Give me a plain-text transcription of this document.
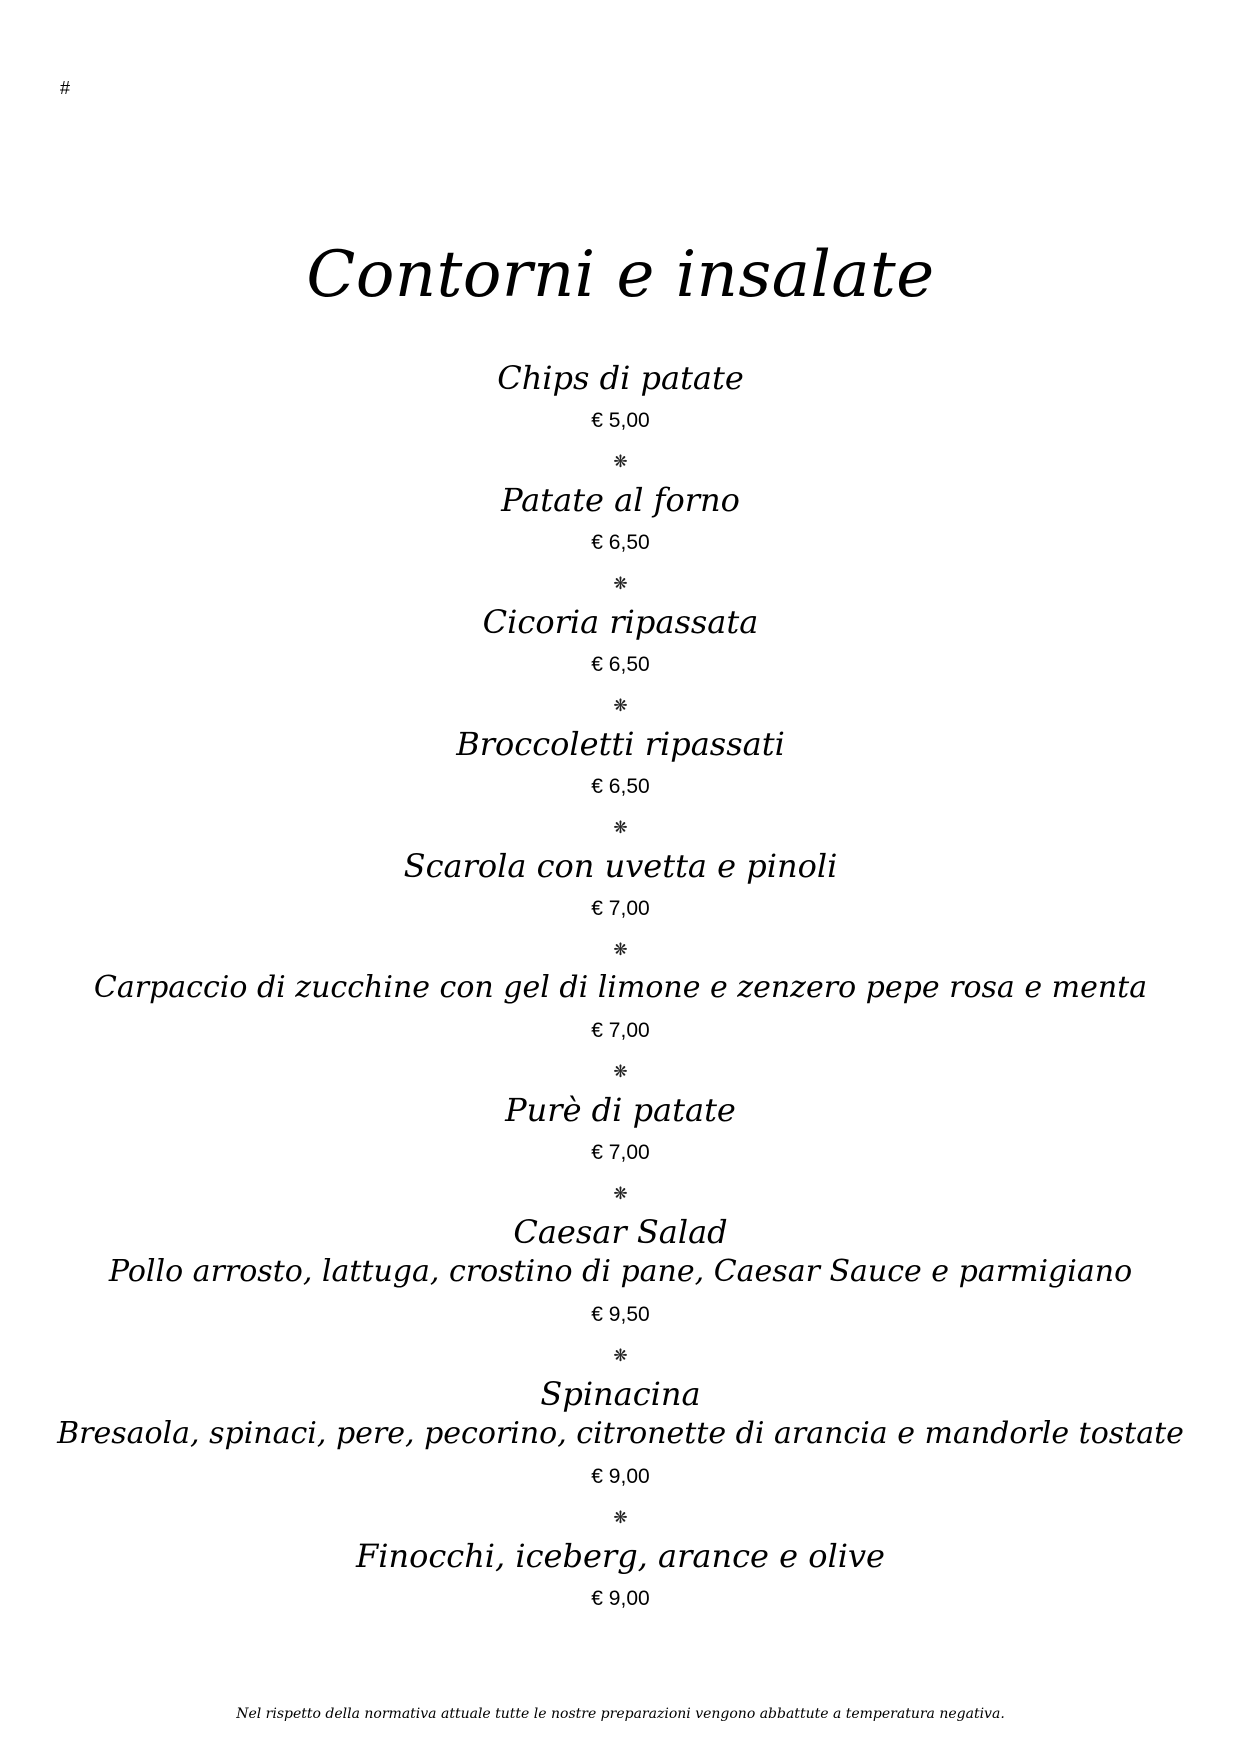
#
Contorni e insalate
Chips di patate
€ 5,00
❋
Patate al forno
€ 6,50
❋
Cicoria ripassata
€ 6,50
❋
Broccoletti ripassati
€ 6,50
❋
Scarola con uvetta e pinoli
€ 7,00
❋
Carpaccio di zucchine con gel di limone e zenzero pepe rosa e menta
€ 7,00
❋
Purè di patate
€ 7,00
❋
Caesar Salad
Pollo arrosto, lattuga, crostino di pane, Caesar Sauce e parmigiano
€ 9,50
❋
Spinacina
Bresaola, spinaci, pere, pecorino, citronette di arancia e mandorle tostate
€ 9,00
❋
Finocchi, iceberg, arance e olive
€ 9,00
Nel rispetto della normativa attuale tutte le nostre preparazioni vengono abbattute a temperatura negativa.
